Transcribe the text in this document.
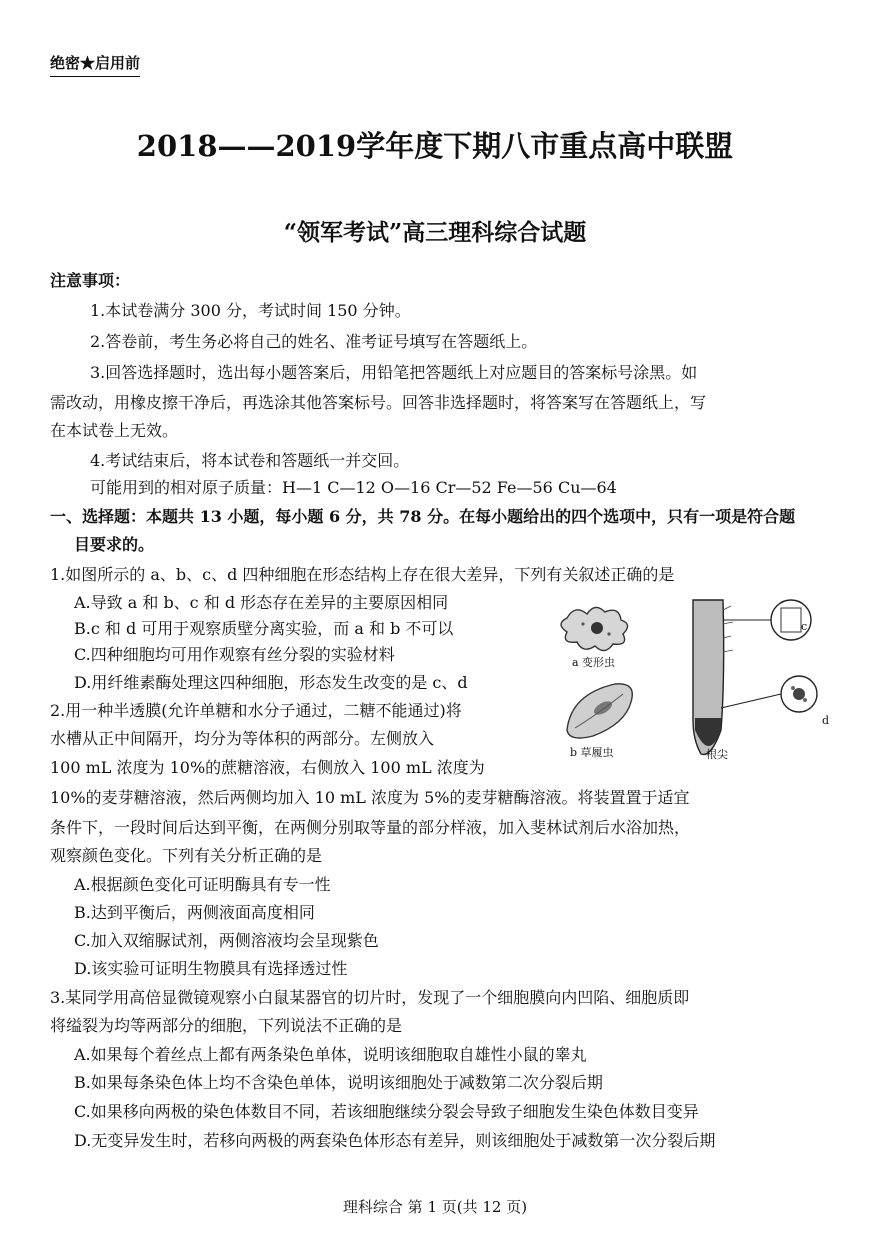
绝密★启用前
2018——2019学年度下期八市重点高中联盟
“领军考试”高三理科综合试题
注意事项：
1.本试卷满分 300 分，考试时间 150 分钟。
2.答卷前，考生务必将自己的姓名、准考证号填写在答题纸上。
3.回答选择题时，选出每小题答案后，用铅笔把答题纸上对应题目的答案标号涂黑。如
需改动，用橡皮擦干净后，再选涂其他答案标号。回答非选择题时，将答案写在答题纸上，写
在本试卷上无效。
4.考试结束后，将本试卷和答题纸一并交回。
可能用到的相对原子质量：H—1 C—12 O—16 Cr—52 Fe—56 Cu—64
一、选择题：本题共 13 小题，每小题 6 分，共 78 分。在每小题给出的四个选项中，只有一项是符合题
目要求的。
1.如图所示的 a、b、c、d 四种细胞在形态结构上存在很大差异，下列有关叙述正确的是
A.导致 a 和 b、c 和 d 形态存在差异的主要原因相同
B.c 和 d 可用于观察质壁分离实验，而 a 和 b 不可以
C.四种细胞均可用作观察有丝分裂的实验材料
D.用纤维素酶处理这四种细胞，形态发生改变的是 c、d
a 变形虫
b 草履虫	根尖
c
d
2.用一种半透膜(允许单糖和水分子通过，二糖不能通过)将
水槽从正中间隔开，均分为等体积的两部分。左侧放入
100 mL 浓度为 10%的蔗糖溶液，右侧放入 100 mL 浓度为
10%的麦芽糖溶液，然后两侧均加入 10 mL 浓度为 5%的麦芽糖酶溶液。将装置置于适宜
条件下，一段时间后达到平衡，在两侧分别取等量的部分样液，加入斐林试剂后水浴加热，
观察颜色变化。下列有关分析正确的是
A.根据颜色变化可证明酶具有专一性
B.达到平衡后，两侧液面高度相同
C.加入双缩脲试剂，两侧溶液均会呈现紫色
D.该实验可证明生物膜具有选择透过性
3.某同学用高倍显微镜观察小白鼠某器官的切片时，发现了一个细胞膜向内凹陷、细胞质即
将缢裂为均等两部分的细胞，下列说法不正确的是
A.如果每个着丝点上都有两条染色单体，说明该细胞取自雄性小鼠的睾丸
B.如果每条染色体上均不含染色单体，说明该细胞处于减数第二次分裂后期
C.如果移向两极的染色体数目不同，若该细胞继续分裂会导致子细胞发生染色体数目变异
D.无变异发生时，若移向两极的两套染色体形态有差异，则该细胞处于减数第一次分裂后期
理科综合 第 1 页(共 12 页)
